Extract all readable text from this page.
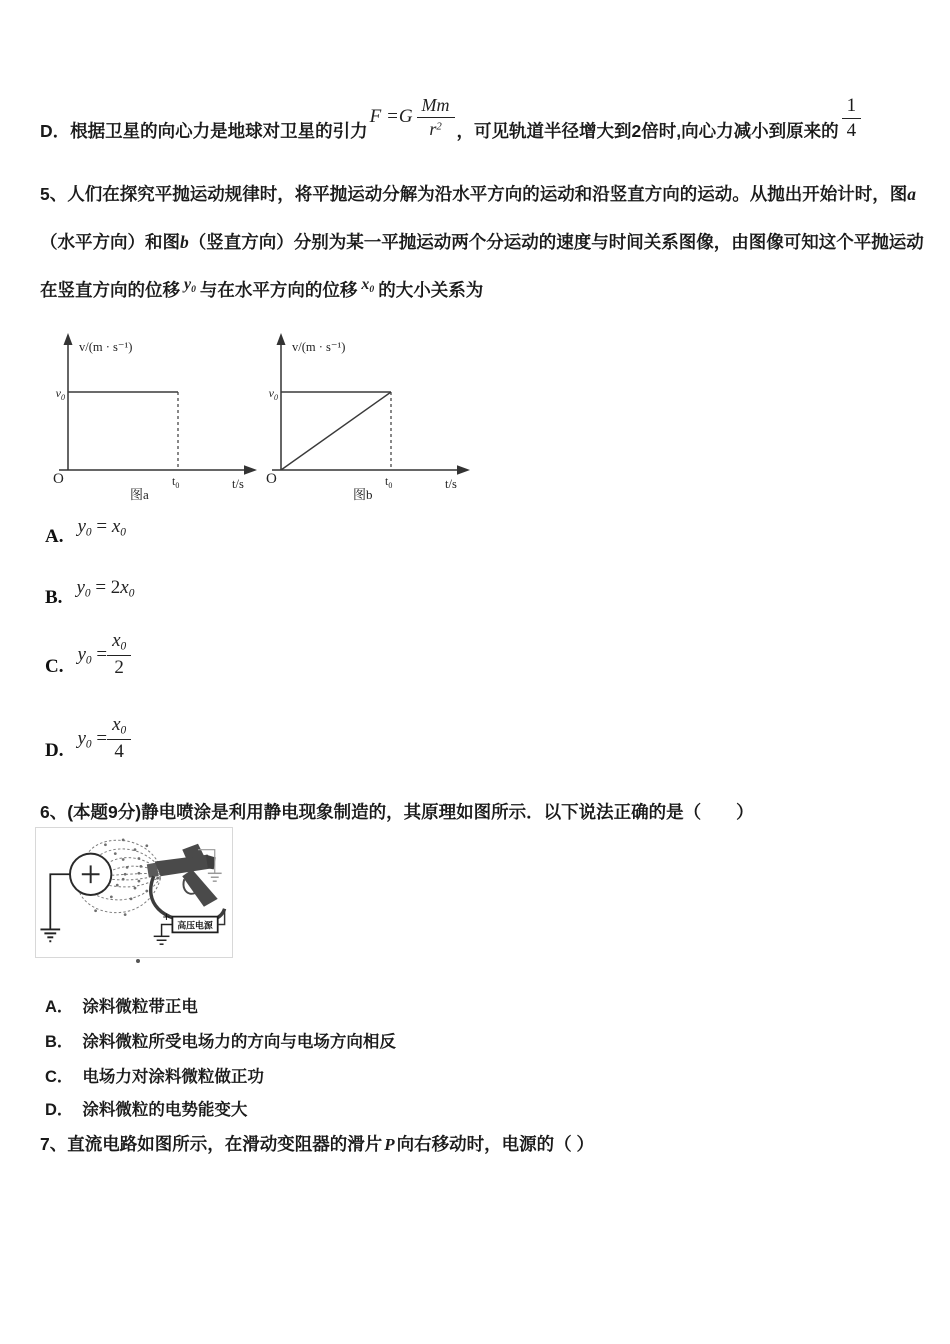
D．根据卫星的向心力是地球对卫星的引力
$F =G \frac{Mm}{r^2}$ ，可见轨道半径增大到2倍时,向心力减小到原来的 $\frac{1}{4}$
5、人们在探究平抛运动规律时，将平抛运动分解为沿水平方向的运动和沿竖直方向的运动。从抛出开始计时，图a（水平方向）和图b（竖直方向）分别为某一平抛运动两个分运动的速度与时间关系图像，由图像可知这个平抛运动在竖直方向的位移 $y_0$ 与在水平方向的位移 $x_0$ 的大小关系为
v/(m · s⁻¹)
O
$v_0$
$t_0$	t/s
图a
v/(m · s⁻¹)
O
$v_0$
$t_0$	t/s
图b
A. $y_0 = x_0$
B. $y_0 = 2x_0$
C.
$y_0 = \frac{x_0}{2}$
D.
$y_0 = \frac{x_0}{4}$
6、(本题9分)静电喷涂是利用静电现象制造的，其原理如图所示．以下说法正确的是（　　）
高压电源
+
A． 涂料微粒带正电
B． 涂料微粒所受电场力的方向与电场方向相反
C． 电场力对涂料微粒做正功
D． 涂料微粒的电势能变大
7、直流电路如图所示，在滑动变阻器的滑片 P 向右移动时，电源的（ ）
